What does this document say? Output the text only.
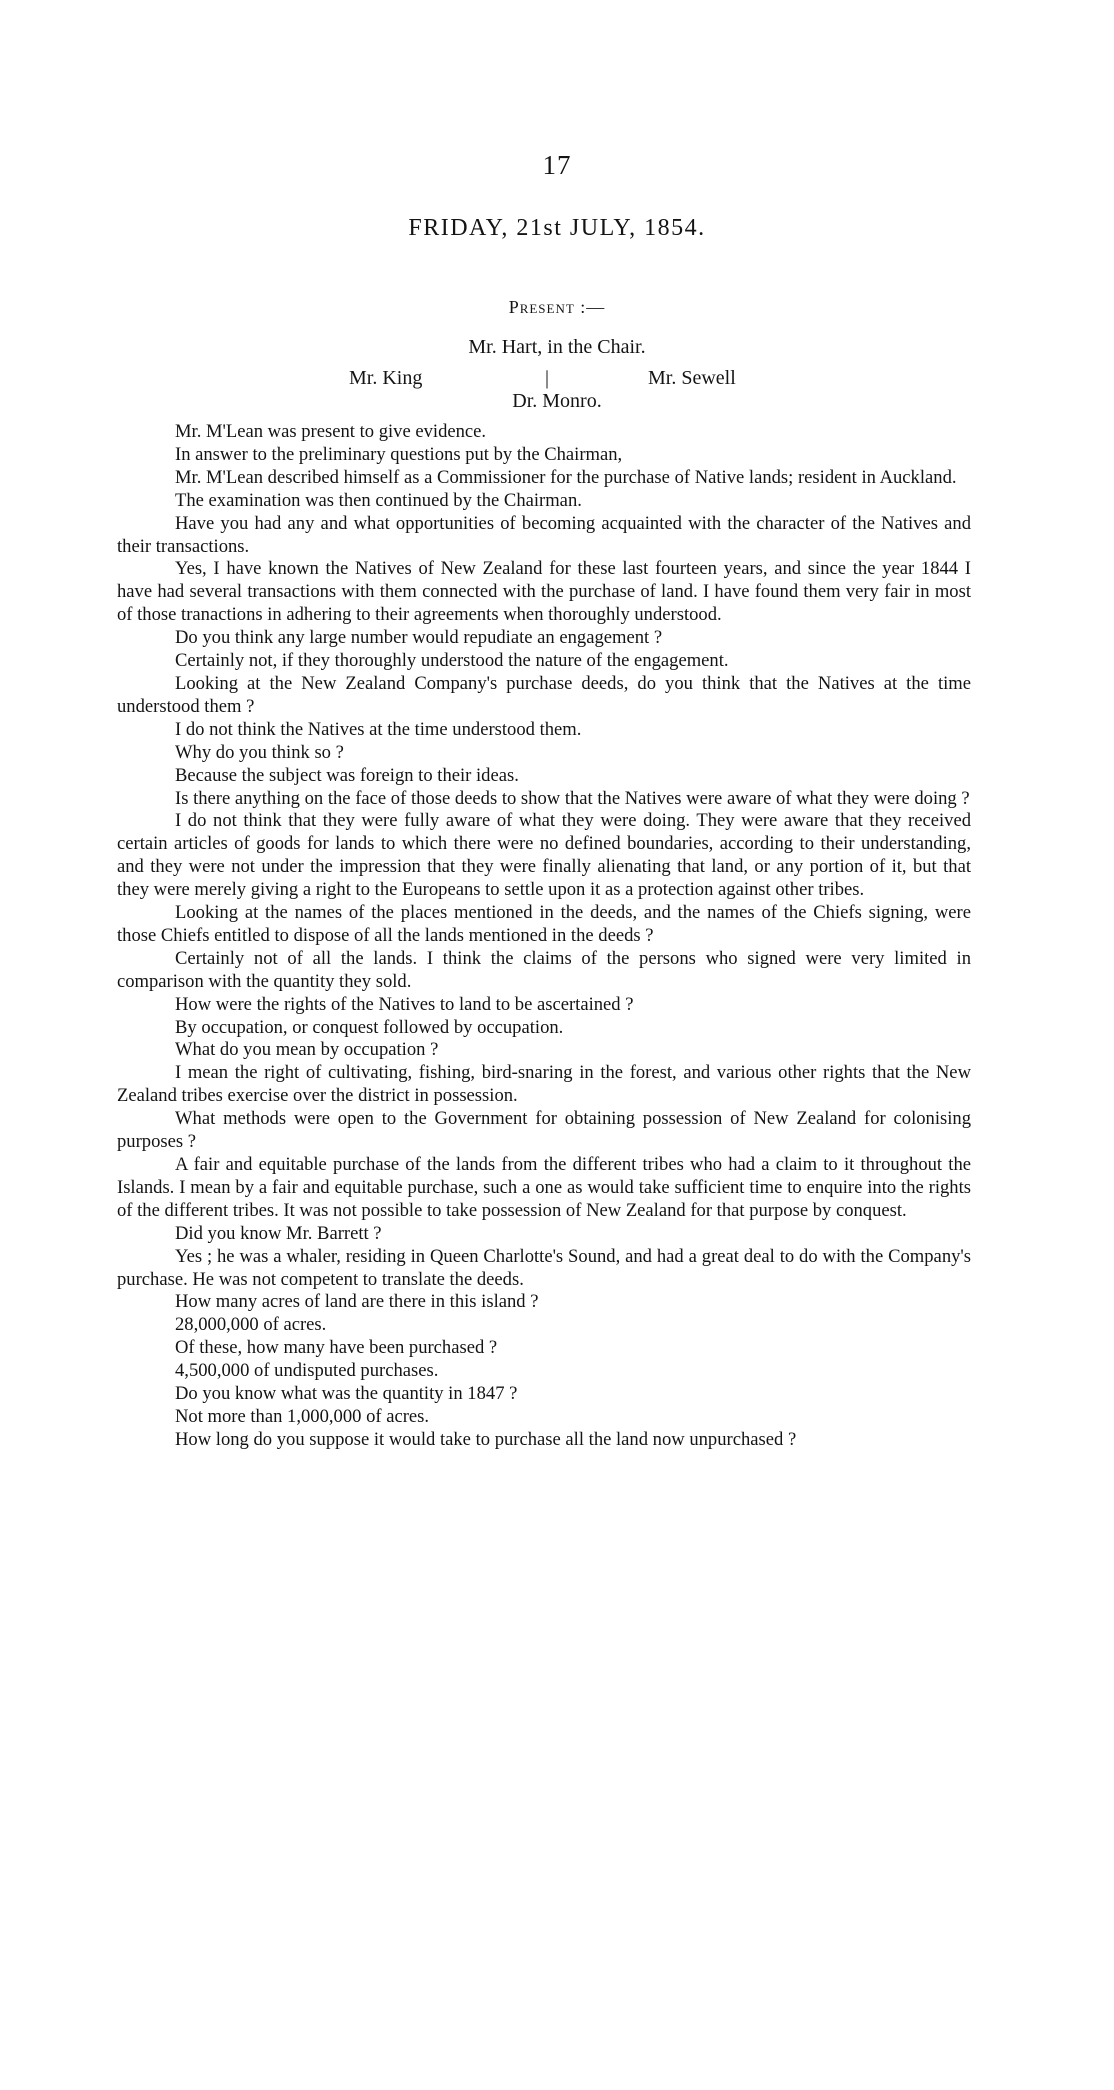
17
FRIDAY, 21st JULY, 1854.
Present :—
Mr. Hart, in the Chair.
Mr. King	|	Mr. Sewell
Dr. Monro.

Mr. M'Lean was present to give evidence.

In answer to the preliminary questions put by the Chairman,

Mr. M'Lean described himself as a Commissioner for the purchase of Native lands; resident in Auckland.

The examination was then continued by the Chairman.

Have you had any and what opportunities of becoming acquainted with the character of the Natives and their transactions.

Yes, I have known the Natives of New Zealand for these last fourteen years, and since the year 1844 I have had several transactions with them connected with the purchase of land. I have found them very fair in most of those tranactions in adhering to their agreements when thoroughly understood.

Do you think any large number would repudiate an engagement ?

Certainly not, if they thoroughly understood the nature of the engagement.

Looking at the New Zealand Company's purchase deeds, do you think that the Natives at the time understood them ?

I do not think the Natives at the time understood them.

Why do you think so ?

Because the subject was foreign to their ideas.

Is there anything on the face of those deeds to show that the Natives were aware of what they were doing ?

I do not think that they were fully aware of what they were doing. They were aware that they received certain articles of goods for lands to which there were no defined boundaries, according to their understanding, and they were not under the impression that they were finally alienating that land, or any portion of it, but that they were merely giving a right to the Europeans to settle upon it as a protection against other tribes.

Looking at the names of the places mentioned in the deeds, and the names of the Chiefs signing, were those Chiefs entitled to dispose of all the lands mentioned in the deeds ?

Certainly not of all the lands. I think the claims of the persons who signed were very limited in comparison with the quantity they sold.

How were the rights of the Natives to land to be ascertained ?

By occupation, or conquest followed by occupation.

What do you mean by occupation ?

I mean the right of cultivating, fishing, bird-snaring in the forest, and various other rights that the New Zealand tribes exercise over the district in possession.

What methods were open to the Government for obtaining possession of New Zealand for colonising purposes ?

A fair and equitable purchase of the lands from the different tribes who had a claim to it throughout the Islands. I mean by a fair and equitable purchase, such a one as would take sufficient time to enquire into the rights of the different tribes. It was not possible to take possession of New Zealand for that purpose by conquest.

Did you know Mr. Barrett ?

Yes ; he was a whaler, residing in Queen Charlotte's Sound, and had a great deal to do with the Company's purchase. He was not competent to translate the deeds.

How many acres of land are there in this island ?

28,000,000 of acres.

Of these, how many have been purchased ?

4,500,000 of undisputed purchases.

Do you know what was the quantity in 1847 ?

Not more than 1,000,000 of acres.

How long do you suppose it would take to purchase all the land now unpurchased ?
